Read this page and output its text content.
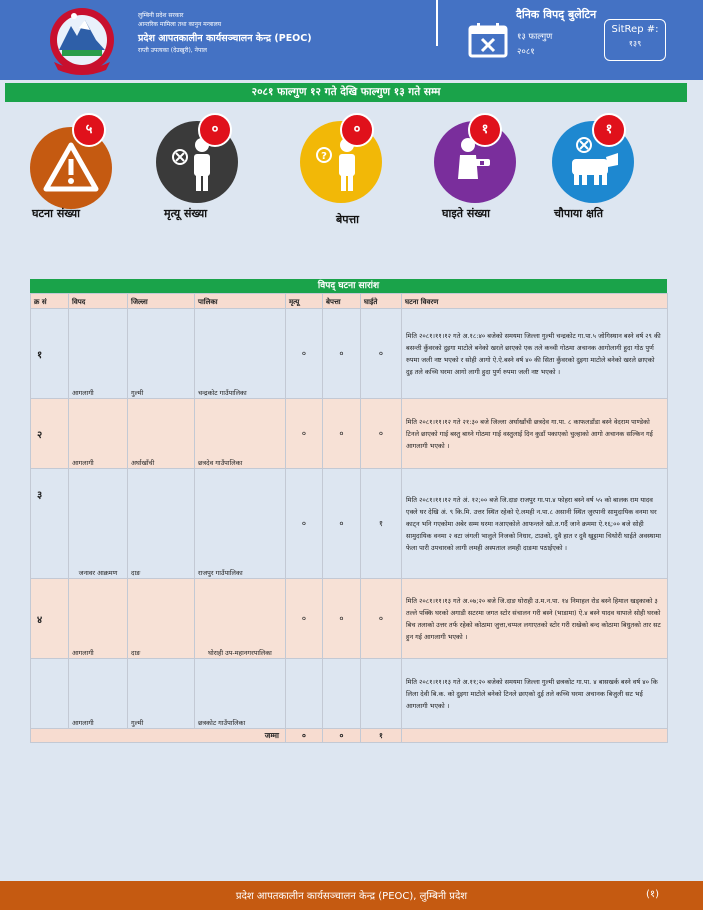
लुम्बिनी प्रदेश सरकार
आन्तरिक मामिला तथा कानुन मन्त्रालय
प्रदेश आपतकालीन कार्यसञ्चालन केन्द्र (PEOC)
राप्ती उपत्यका (देउखुरी), नेपाल
दैनिक विपद् बुलेटिन
१३ फाल्गुण
२०८१
SitRep #:
१३९
२०८१ फाल्गुण १२ गते देखि फाल्गुण १३ गते सम्म
५
घटना संख्या
०
मृत्यू संख्या
?
०
बेपत्ता
१
घाइते संख्या
१
चौपाया क्षति
विपद् घटना सारांश
क्र सं	विपद	जिल्ला	पालिका	मृत्यू	बेपत्ता	घाईते	घटना विवरण
१	आगलागी	गुल्मी	चन्द्रकोट गाउँपालिका	०	०	०	मिति २०८१।११।१२ गते अ.१८:४० बजेको समयमा जिल्ला गुल्मी चन्द्रकोट गा.पा.५ जोगिस्थान बस्ने वर्ष २९ की बसन्ती कुँवरको दुइगा माटोले बनेको खरले छाएको एक तले कच्ची गोठमा अचानक आगोलागी हुदा गोठ पुर्ण रुपमा जली नष्ट भएको र सोही आगो ऐ.ऐ.बस्ने वर्ष ४० की सिता कुँवरको दुइगा माटोले बनेको खरले छाएको दुइ तले कच्चि घरमा आगो लागी हुदा पुर्ण रुपमा जली नष्ट भएको ।
२	आगलागी	अर्घाखाँची	छत्रदेव गाउँपालिका	०	०	०	मिति २०८१।११।१२ गते २१:३० बजे जिल्ला अर्घाखाँची छत्रदेव गा.पा. ८ काफलडाँडा बस्ने वेदराम पाण्डेको टिनले छाएको गाई बस्तु बाध्ने गोठमा गाई वस्तुलाई दिन कुडाँ पकाएको चुल्हाको आगो अचानक सल्किन गई आगलागी भएको ।
३	जनावर आक्रमण	दाङ	राजपुर गाउँपालिका	०	०	१	मिति २०८१।११।१२ गते अं. १२;०० बजे जि.दाङ राजपुर गा.पा.४ फोहरा बस्ने वर्ष ५५ को बालक राम यादव एक्ले घर देखि अं. ९ कि.मि. उत्तर स्थित रहेको ऐ.लमही न.पा.८ असानी स्थित जुरपानी सामुदायिक वनमा घर काट्न भनि गएकोमा अबेर सम्म घरमा नआएकोले आफन्तले खो.त.गर्दै जाने क्रममा ऐ.१६;०० बजे सोही सामुदायिक वनमा २ वटा जंगली भालुले निजको निधार, टाउको, दुवै हात र दुवै खुट्टामा चिथोरी घाईते अवस्थामा फेला पारी उपचारको लागी लमही अस्पताल लमही दाङमा पठाईएको ।
४	आगलागी	दाङ	घोराही उप-महानगरपालिका	०	०	०	मिति २०८१।११।१३ गते अ.०७;२० बजे जि.दाङ घोराही उ.म.न.पा. १४ निमाहल रोड बस्ने हिमाल खड्काको ३ तल्ले पक्कि घरको अगाडी सटरमा जगत स्टोर संचालन गरी बस्ने (भाडामा) ऐ.४ बस्ने यादव थापाले सोही घरको बिच तलाको उत्तर तर्फ रहेको कोठामा जुत्ता,चप्पल लगाएतको स्टोर गरी राखेको बन्द कोठामा बिधुतको तार सट हुन गई आगलागी भएको ।
	आगलागी	गुल्मी	छत्रकोट गाउँपालिका				मिति २०८१।११।१३ गते अ.११;२० बजेको समयमा जिल्ला गुल्मी छत्रकोट गा.पा. ४ बासखर्क बस्ने वर्ष ४० कि लिला देवी बि.क. को दुइगा माटोले बनेको टिनले छाएको दुई तले कच्चि घरमा अचानक बिजुली सट भई आगलागी भएको ।
जम्मा				०	०	१	
प्रदेश आपतकालीन कार्यसञ्चालन केन्द्र (PEOC), लुम्बिनी प्रदेश	(१)
